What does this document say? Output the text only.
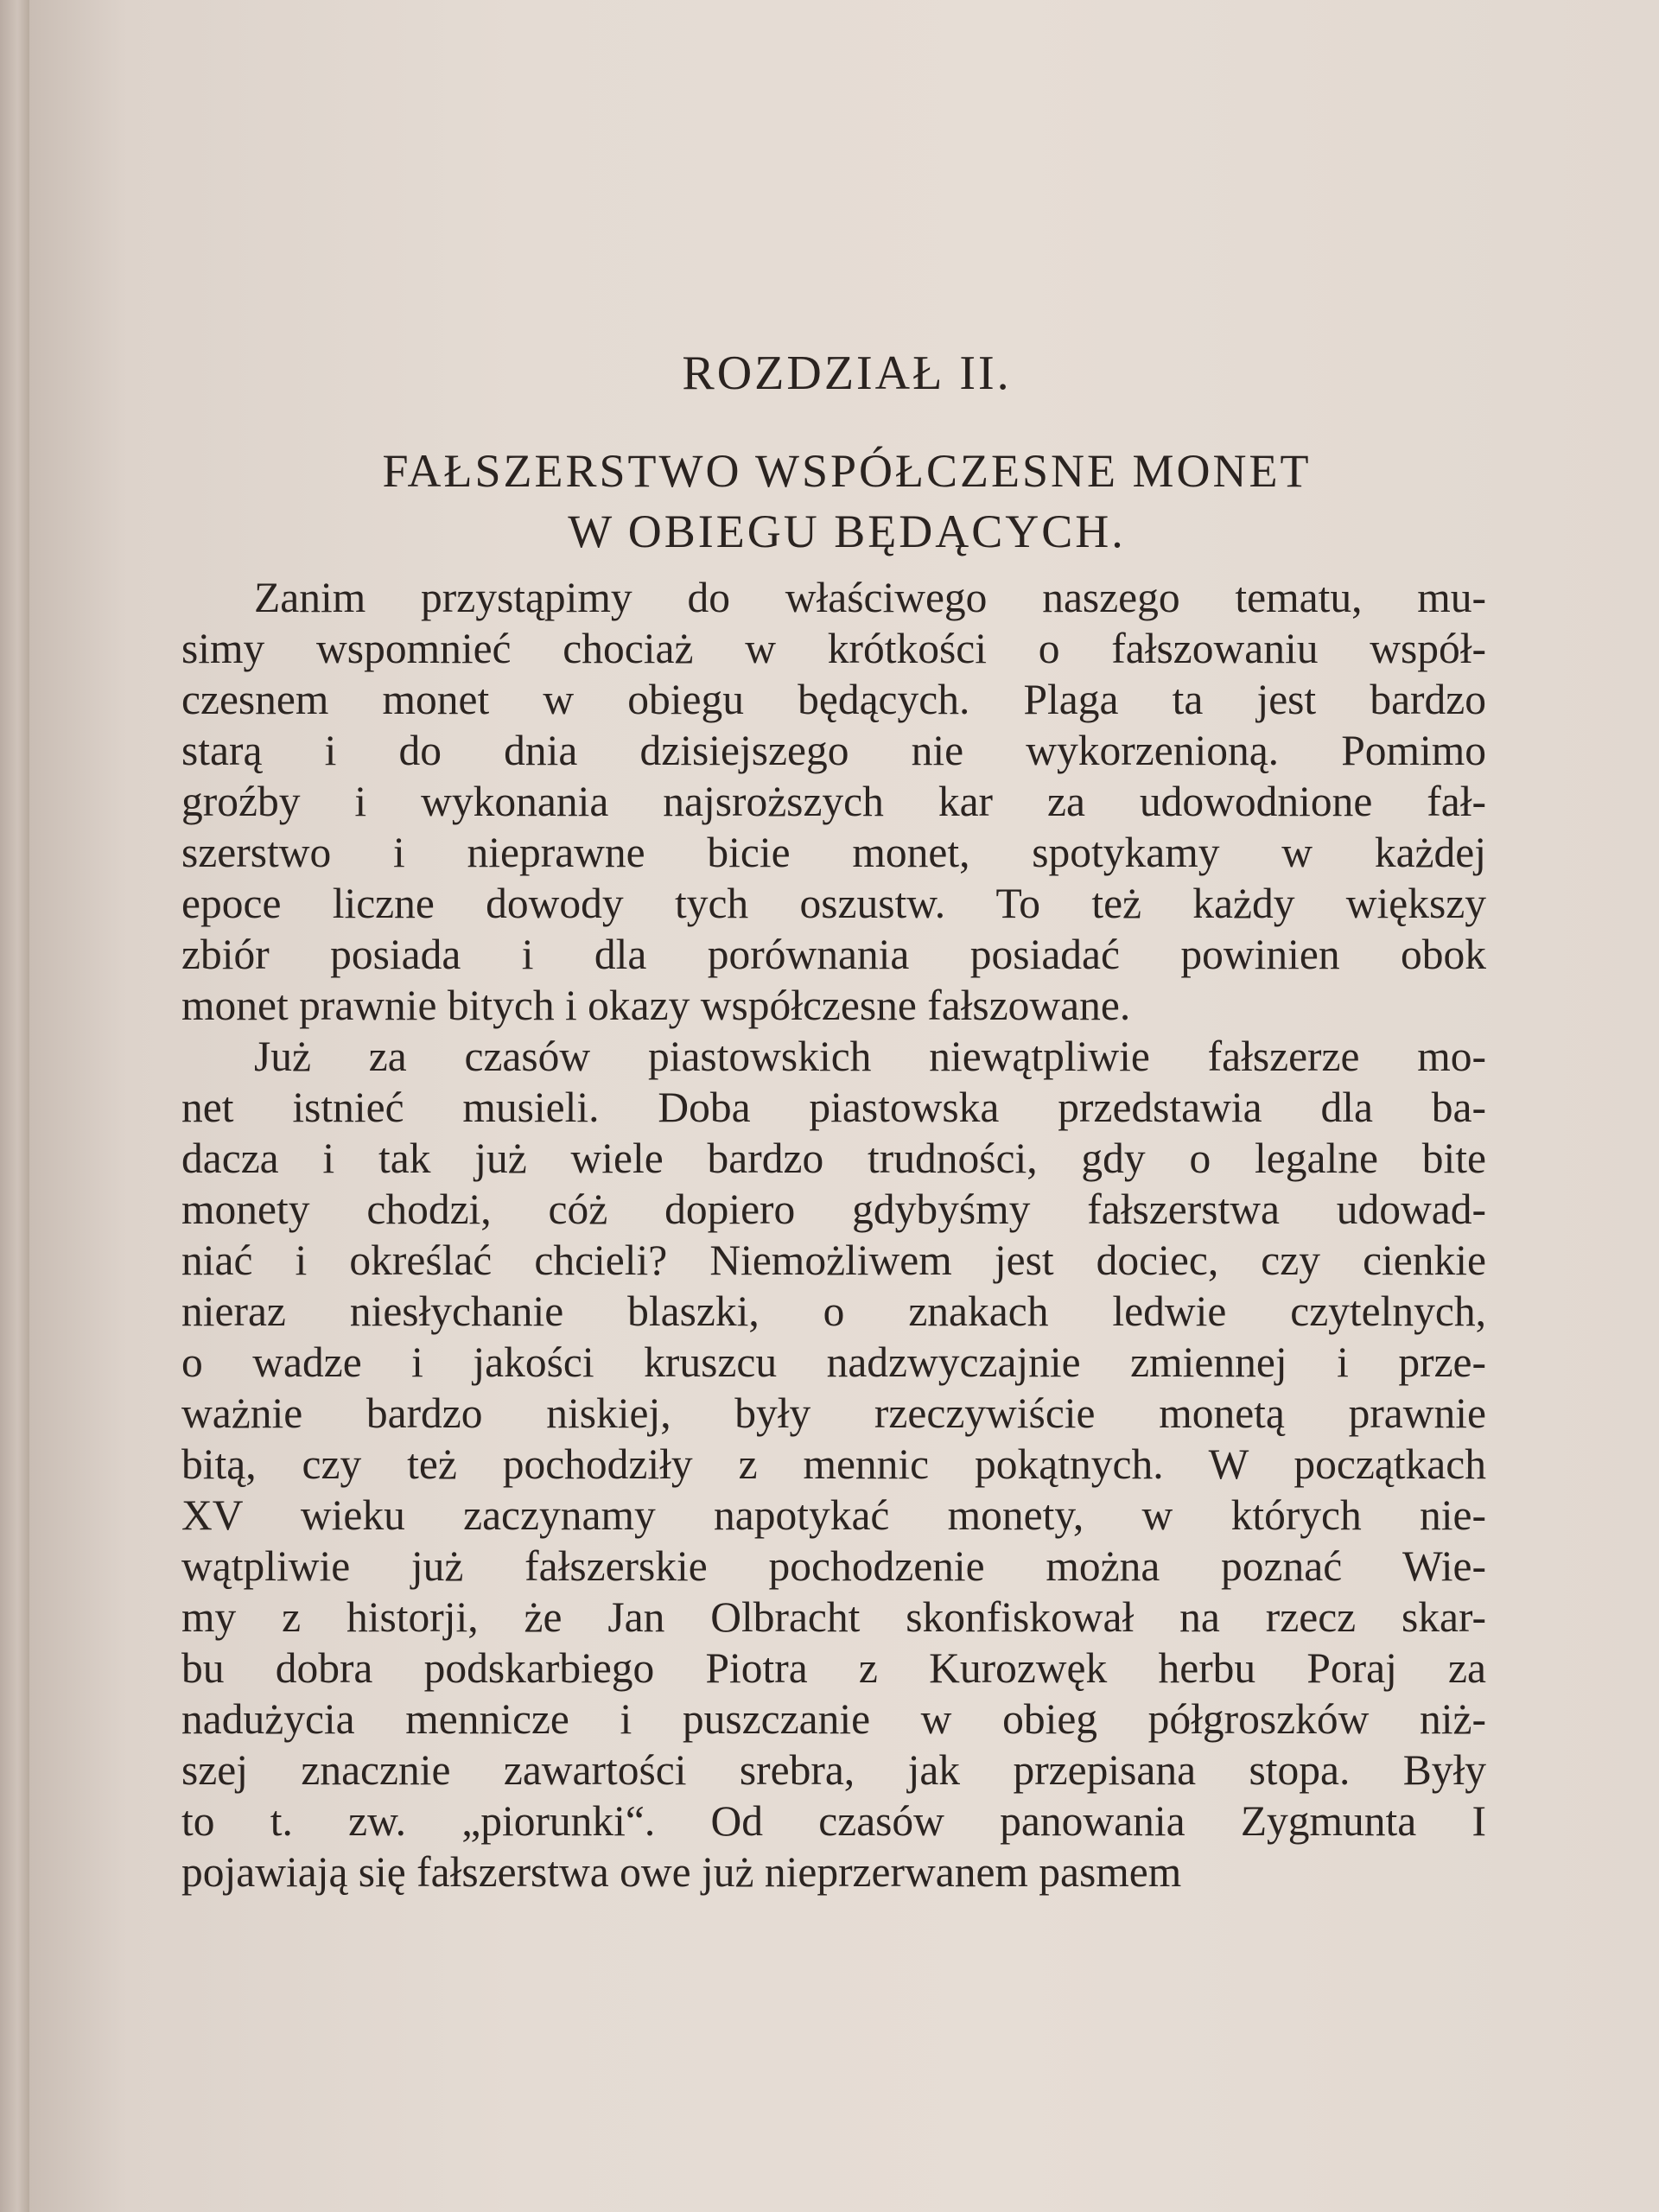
ROZDZIAŁ II.
FAŁSZERSTWO WSPÓŁCZESNE MONET
W OBIEGU BĘDĄCYCH.
Zanim przystąpimy do właściwego naszego tematu, mu-
simy wspomnieć chociaż w krótkości o fałszowaniu współ-
czesnem monet w obiegu będących. Plaga ta jest bardzo
starą i do dnia dzisiejszego nie wykorzenioną. Pomimo
groźby i wykonania najsroższych kar za udowodnione fał-
szerstwo i nieprawne bicie monet, spotykamy w każdej
epoce liczne dowody tych oszustw. To też każdy większy
zbiór posiada i dla porównania posiadać powinien obok
monet prawnie bitych i okazy współczesne fałszowane.
Już za czasów piastowskich niewątpliwie fałszerze mo-
net istnieć musieli. Doba piastowska przedstawia dla ba-
dacza i tak już wiele bardzo trudności, gdy o legalne bite
monety chodzi, cóż dopiero gdybyśmy fałszerstwa udowad-
niać i określać chcieli? Niemożliwem jest dociec, czy cienkie
nieraz niesłychanie blaszki, o znakach ledwie czytelnych,
o wadze i jakości kruszcu nadzwyczajnie zmiennej i prze-
ważnie bardzo niskiej, były rzeczywiście monetą prawnie
bitą, czy też pochodziły z mennic pokątnych. W początkach
XV wieku zaczynamy napotykać monety, w których nie-
wątpliwie już fałszerskie pochodzenie można poznać Wie-
my z historji, że Jan Olbracht skonfiskował na rzecz skar-
bu dobra podskarbiego Piotra z Kurozwęk herbu Poraj za
nadużycia mennicze i puszczanie w obieg półgroszków niż-
szej znacznie zawartości srebra, jak przepisana stopa. Były
to t. zw. „piorunki“. Od czasów panowania Zygmunta I
pojawiają się fałszerstwa owe już nieprzerwanem pasmem
